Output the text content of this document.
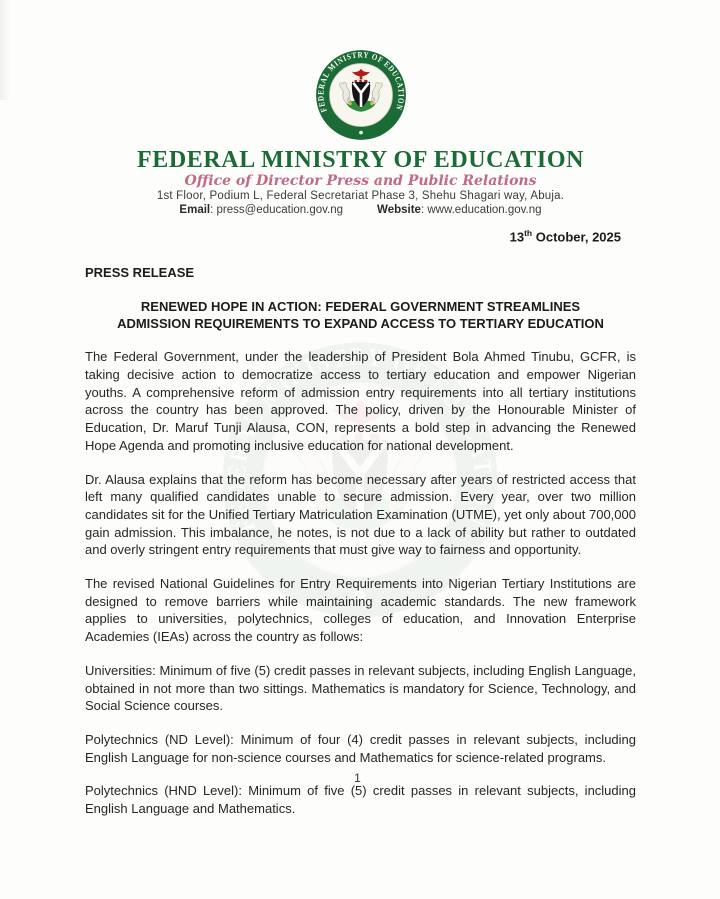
FEDERAL MINISTRY OF EDUCATION
Office of Director Press and Public Relations
1st Floor, Podium L, Federal Secretariat Phase 3, Shehu Shagari way, Abuja.
Email: press@education.gov.ng	Website: www.education.gov.ng
13th October, 2025
PRESS RELEASE
RENEWED HOPE IN ACTION: FEDERAL GOVERNMENT STREAMLINES ADMISSION REQUIREMENTS TO EXPAND ACCESS TO TERTIARY EDUCATION

The Federal Government, under the leadership of President Bola Ahmed Tinubu, GCFR, is taking decisive action to democratize access to tertiary education and empower Nigerian youths. A comprehensive reform of admission entry requirements into all tertiary institutions across the country has been approved. The policy, driven by the Honourable Minister of Education, Dr. Maruf Tunji Alausa, CON, represents a bold step in advancing the Renewed Hope Agenda and promoting inclusive education for national development.

Dr. Alausa explains that the reform has become necessary after years of restricted access that left many qualified candidates unable to secure admission. Every year, over two million candidates sit for the Unified Tertiary Matriculation Examination (UTME), yet only about 700,000 gain admission. This imbalance, he notes, is not due to a lack of ability but rather to outdated and overly stringent entry requirements that must give way to fairness and opportunity.

The revised National Guidelines for Entry Requirements into Nigerian Tertiary Institutions are designed to remove barriers while maintaining academic standards. The new framework applies to universities, polytechnics, colleges of education, and Innovation Enterprise Academies (IEAs) across the country as follows:

Universities: Minimum of five (5) credit passes in relevant subjects, including English Language, obtained in not more than two sittings. Mathematics is mandatory for Science, Technology, and Social Science courses.

Polytechnics (ND Level): Minimum of four (4) credit passes in relevant subjects, including English Language for non-science courses and Mathematics for science-related programs.

Polytechnics (HND Level): Minimum of five (5) credit passes in relevant subjects, including English Language and Mathematics.

1
